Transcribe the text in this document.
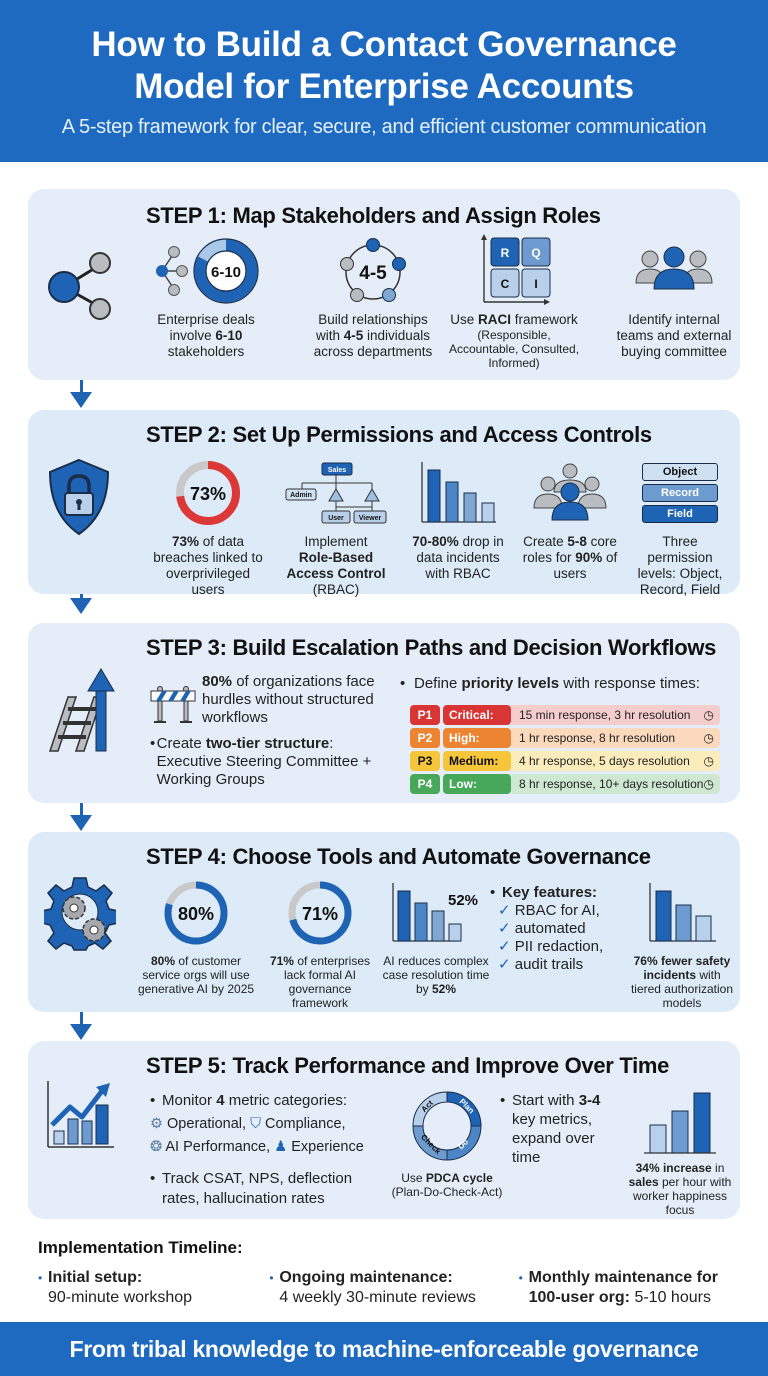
How to Build a Contact Governance
Model for Enterprise Accounts
A 5-step framework for clear, secure, and efficient customer communication
STEP 1: Map Stakeholders and Assign Roles
6-10
Enterprise deals involve 6-10 stakeholders
4-5
Build relationships with 4-5 individuals across departments
R Q
C I
Use RACI framework
(Responsible, Accountable, Consulted, Informed)
Identify internal teams and external buying committee
STEP 2: Set Up Permissions and Access Controls
73%
73% of data breaches linked to overprivileged users
Sales
Admin
User Viewer
Implement
Role-Based Access Control (RBAC)
70-80% drop in data incidents with RBAC
Create 5-8 core roles for 90% of users
Object
Record
Field
Three permission levels: Object, Record, Field
STEP 3: Build Escalation Paths and Decision Workflows
80% of organizations face hurdles without structured workflows
• Create two-tier structure: Executive Steering Committee + Working Groups
• Define priority levels with response times:
P1	Critical:	15 min response, 3 hr resolution ◷
P2	High:	1 hr response, 8 hr resolution ◷
P3	Medium:	4 hr response, 5 days resolution ◷
P4	Low:	8 hr response, 10+ days resolution ◷
STEP 4: Choose Tools and Automate Governance
80%
80% of customer service orgs will use generative AI by 2025
71%
71% of enterprises lack formal AI governance framework
52%
AI reduces complex case resolution time by 52%
• Key features:
✓ RBAC for AI,
✓ automated
✓ PII redaction,
✓ audit trails	76% fewer safety incidents with tiered authorization models
STEP 5: Track Performance and Improve Over Time
• Monitor 4 metric categories:
⚙ Operational, ⛉ Compliance,
❂ AI Performance, ♟ Experience
• Track CSAT, NPS, deflection rates, hallucination rates
Plan
Do
Check
Act
Use PDCA cycle
(Plan-Do-Check-Act)
• Start with 3-4 key metrics, expand over time
34% increase in sales per hour with worker happiness focus
Implementation Timeline:
• Initial setup:
90-minute workshop
• Ongoing maintenance:
4 weekly 30-minute reviews
• Monthly maintenance for
100-user org: 5-10 hours
From tribal knowledge to machine-enforceable governance
